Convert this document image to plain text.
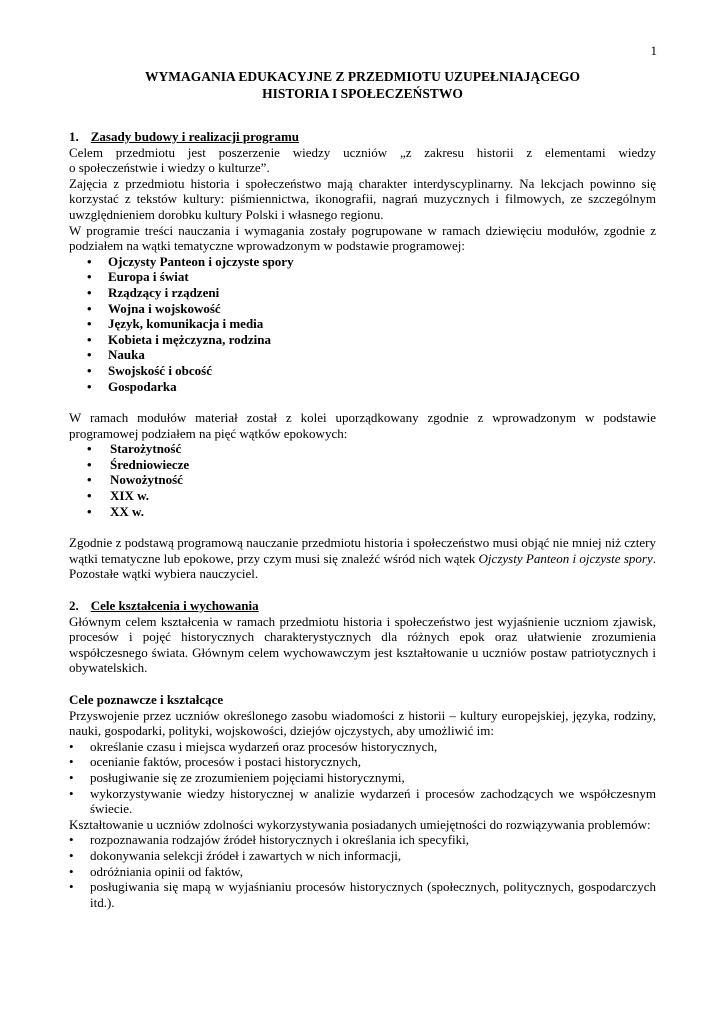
1
WYMAGANIA EDUKACYJNE Z PRZEDMIOTU UZUPEŁNIAJĄCEGO
HISTORIA I SPOŁECZEŃSTWO
1. Zasady budowy i realizacji programu

Celem przedmiotu jest poszerzenie wiedzy uczniów „z zakresu historii z elementami wiedzy

o społeczeństwie i wiedzy o kulturze”.

Zajęcia z przedmiotu historia i społeczeństwo mają charakter interdyscyplinarny. Na lekcjach powinno się korzystać z tekstów kultury: piśmiennictwa, ikonografii, nagrań muzycznych i filmowych, ze szczególnym uwzględnieniem dorobku kultury Polski i własnego regionu.

W programie treści nauczania i wymagania zostały pogrupowane w ramach dziewięciu modułów, zgodnie z podziałem na wątki tematyczne wprowadzonym w podstawie programowej:

• Ojczysty Panteon i ojczyste spory
• Europa i świat
• Rządzący i rządzeni
• Wojna i wojskowość
• Język, komunikacja i media
• Kobieta i mężczyzna, rodzina
• Nauka
• Swojskość i obcość
• Gospodarka

W ramach modułów materiał został z kolei uporządkowany zgodnie z wprowadzonym w podstawie programowej podziałem na pięć wątków epokowych:

• Starożytność
• Średniowiecze
• Nowożytność
• XIX w.
• XX w.

Zgodnie z podstawą programową nauczanie przedmiotu historia i społeczeństwo musi objąć nie mniej niż cztery wątki tematyczne lub epokowe, przy czym musi się znaleźć wśród nich wątek Ojczysty Panteon i ojczyste spory. Pozostałe wątki wybiera nauczyciel.

2. Cele kształcenia i wychowania

Głównym celem kształcenia w ramach przedmiotu historia i społeczeństwo jest wyjaśnienie uczniom zjawisk, procesów i pojęć historycznych charakterystycznych dla różnych epok oraz ułatwienie zrozumienia współczesnego świata. Głównym celem wychowawczym jest kształtowanie u uczniów postaw patriotycznych i obywatelskich.

Cele poznawcze i kształcące

Przyswojenie przez uczniów określonego zasobu wiadomości z historii – kultury europejskiej, języka, rodziny, nauki, gospodarki, polityki, wojskowości, dziejów ojczystych, aby umożliwić im:

• określanie czasu i miejsca wydarzeń oraz procesów historycznych,
• ocenianie faktów, procesów i postaci historycznych,
• posługiwanie się ze zrozumieniem pojęciami historycznymi,
• wykorzystywanie wiedzy historycznej w analizie wydarzeń i procesów zachodzących we współczesnym świecie.

Kształtowanie u uczniów zdolności wykorzystywania posiadanych umiejętności do rozwiązywania problemów:

• rozpoznawania rodzajów źródeł historycznych i określania ich specyfiki,
• dokonywania selekcji źródeł i zawartych w nich informacji,
• odróżniania opinii od faktów,
• posługiwania się mapą w wyjaśnianiu procesów historycznych (społecznych, politycznych, gospodarczych itd.).
